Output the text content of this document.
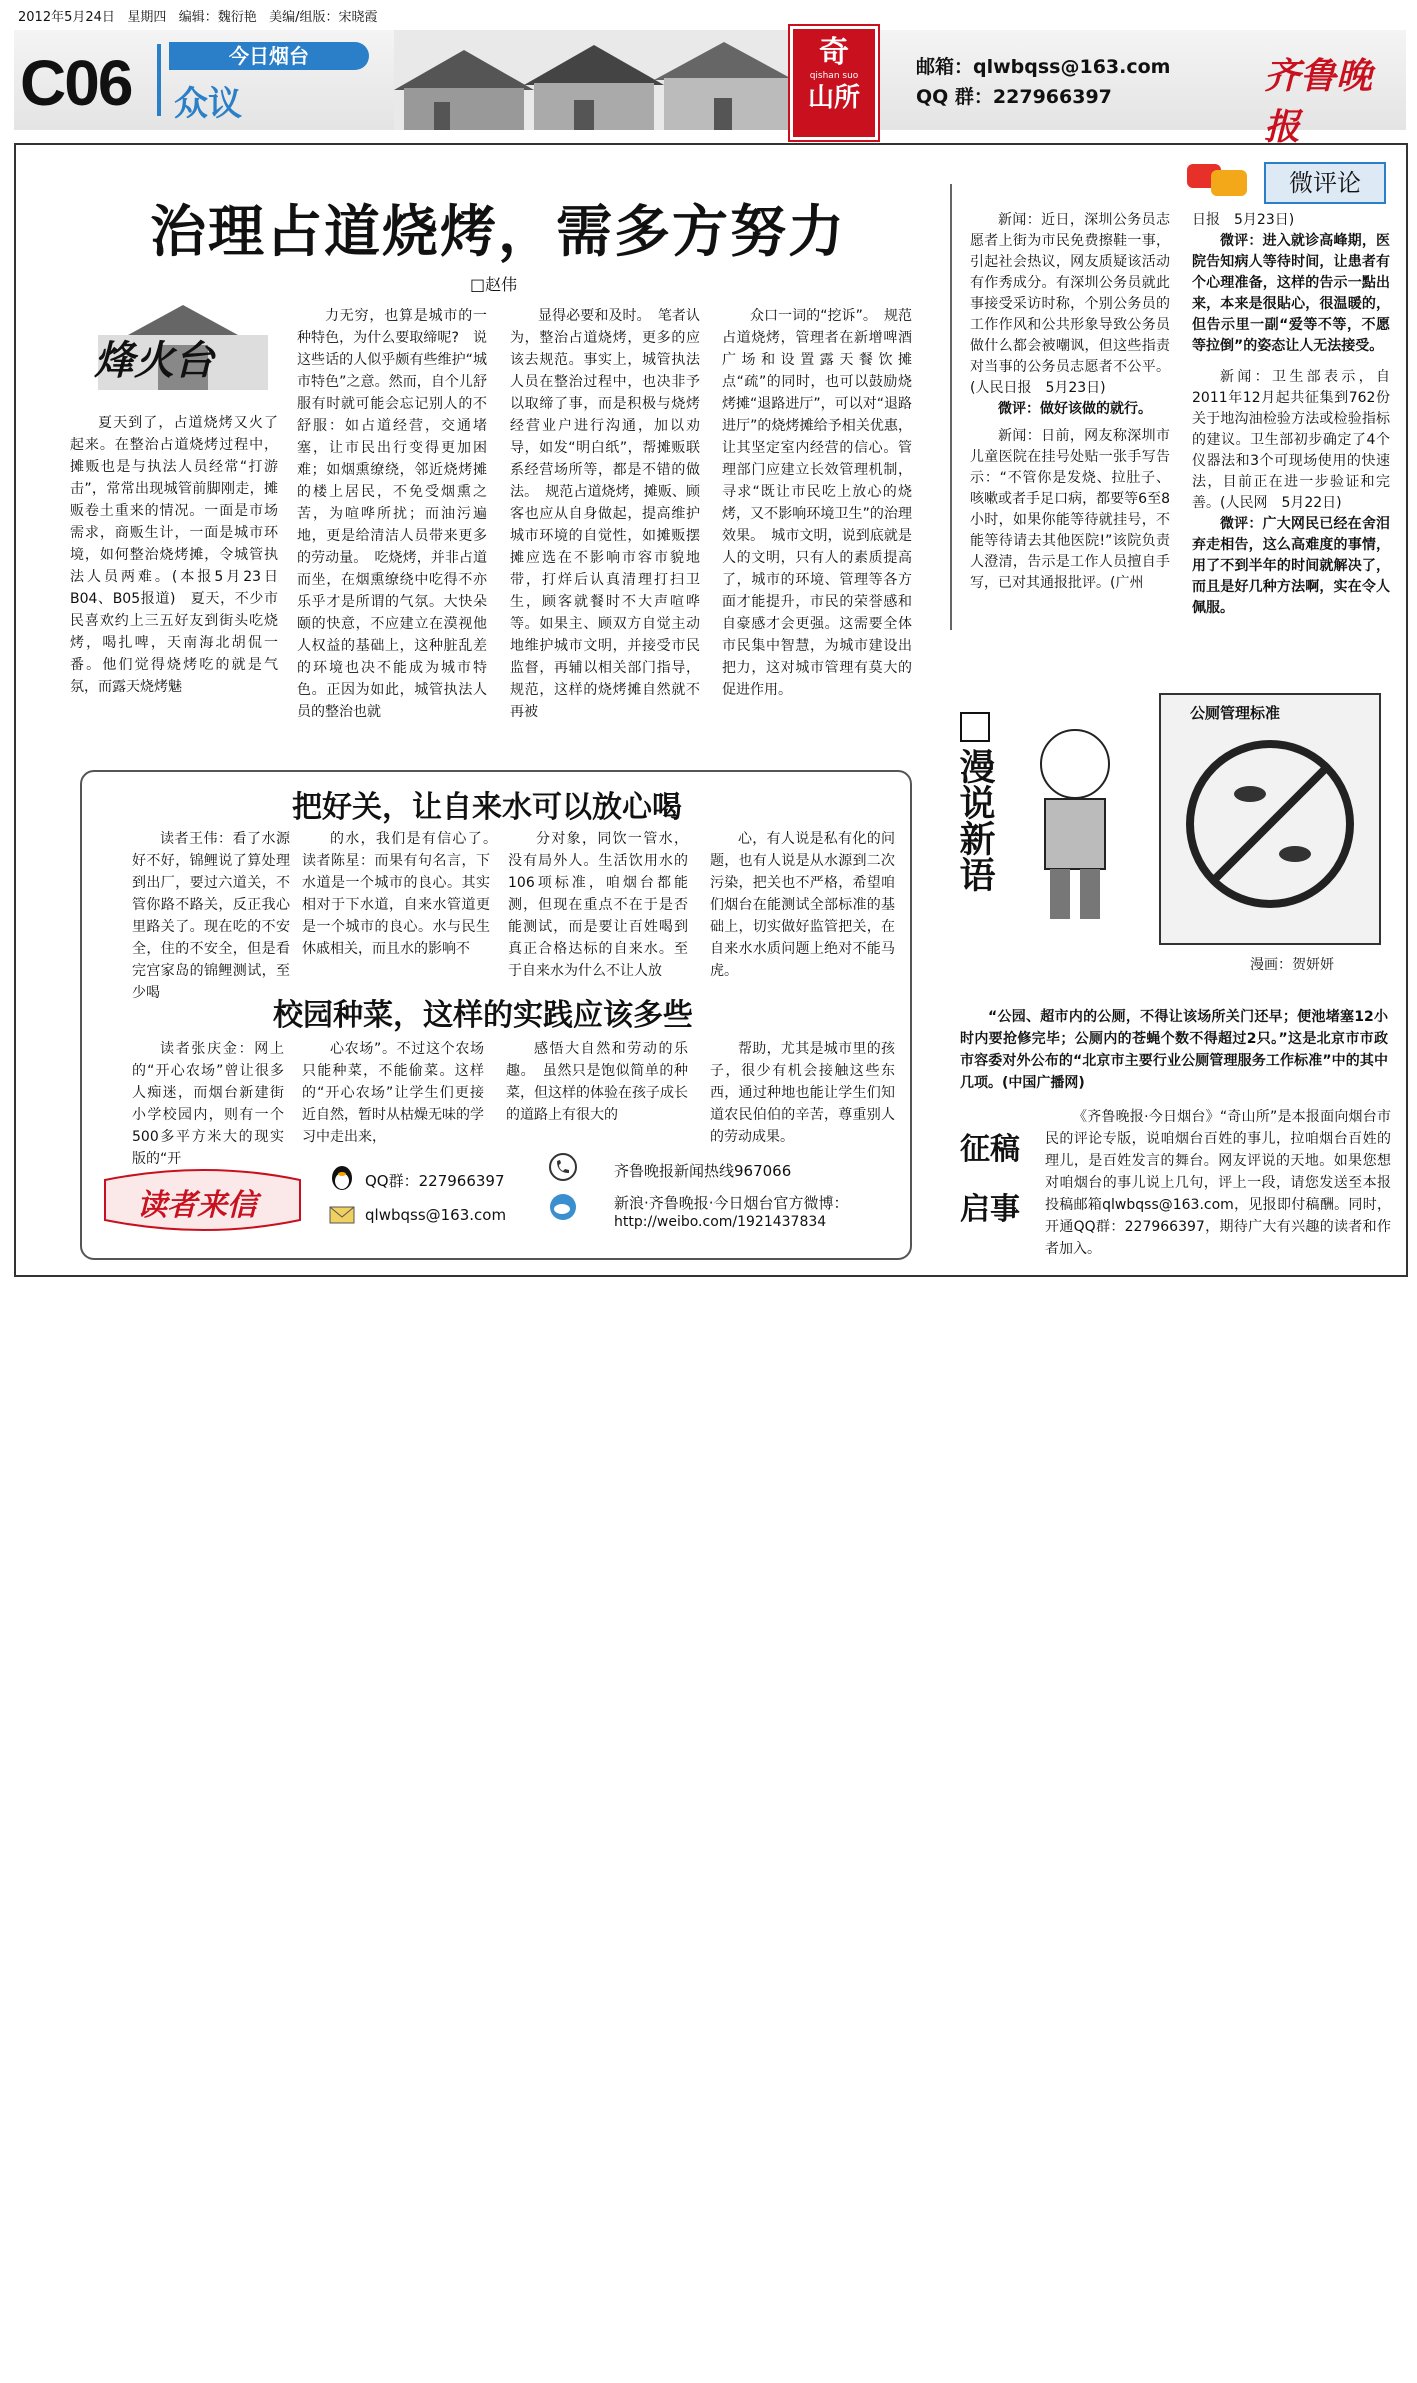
2012年5月24日 星期四 编辑：魏衍艳 美编/组版：宋晓霞
C06	今日烟台
众议
奇
qishan suo
山所
邮箱：qlwbqss@163.com
QQ 群：227966397	齐鲁晚报
治理占道烧烤，需多方努力
□赵伟
烽火台

夏天到了，占道烧烤又火了起来。在整治占道烧烤过程中，摊贩也是与执法人员经常“打游击”，常常出现城管前脚刚走，摊贩卷土重来的情况。一面是市场需求，商贩生计，一面是城市环境，如何整治烧烤摊，令城管执法人员两难。(本报5月23日B04、B05报道)　夏天，不少市民喜欢约上三五好友到街头吃烧烤，喝扎啤，天南海北胡侃一番。他们觉得烧烤吃的就是气氛，而露天烧烤魅

力无穷，也算是城市的一种特色，为什么要取缔呢?　说这些话的人似乎颇有些维护“城市特色”之意。然而，自个儿舒服有时就可能会忘记别人的不舒服：如占道经营，交通堵塞，让市民出行变得更加困难；如烟熏缭绕，邻近烧烤摊的楼上居民，不免受烟熏之苦，为喧哗所扰；而油污遍地，更是给清洁人员带来更多的劳动量。　吃烧烤，并非占道而坐，在烟熏缭绕中吃得不亦乐乎才是所谓的气氛。大快朵颐的快意，不应建立在漠视他人权益的基础上，这种脏乱差的环境也决不能成为城市特色。正因为如此，城管执法人员的整治也就

显得必要和及时。　笔者认为，整治占道烧烤，更多的应该去规范。事实上，城管执法人员在整治过程中，也决非予以取缔了事，而是积极与烧烤经营业户进行沟通，加以劝导，如发“明白纸”，帮摊贩联系经营场所等，都是不错的做法。　规范占道烧烤，摊贩、顾客也应从自身做起，提高维护城市环境的自觉性，如摊贩摆摊应选在不影响市容市貌地带，打烊后认真清理打扫卫生，顾客就餐时不大声喧哗等。如果主、顾双方自觉主动地维护城市文明，并接受市民监督，再辅以相关部门指导，规范，这样的烧烤摊自然就不再被

众口一词的“挖诉”。　规范占道烧烤，管理者在新增啤酒广场和设置露天餐饮摊点“疏”的同时，也可以鼓励烧烤摊“退路进厅”，可以对“退路进厅”的烧烤摊给予相关优惠，让其坚定室内经营的信心。管理部门应建立长效管理机制，寻求“既让市民吃上放心的烧烤，又不影响环境卫生”的治理效果。　城市文明，说到底就是人的文明，只有人的素质提高了，城市的环境、管理等各方面才能提升，市民的荣誉感和自豪感才会更强。这需要全体市民集中智慧，为城市建设出把力，这对城市管理有莫大的促进作用。

把好关，让自来水可以放心喝

读者王伟：看了水源好不好，锦鲤说了算处理到出厂，要过六道关，不管你路不路关，反正我心里路关了。现在吃的不安全，住的不安全，但是看完宫家岛的锦鲤测试，至少喝

的水，我们是有信心了。　读者陈星：而果有句名言，下水道是一个城市的良心。其实相对于下水道，自来水管道更是一个城市的良心。水与民生休戚相关，而且水的影响不

分对象，同饮一管水，没有局外人。生活饮用水的106项标准，咱烟台都能测，但现在重点不在于是否能测试，而是要让百姓喝到真正合格达标的自来水。至于自来水为什么不让人放

心，有人说是私有化的问题，也有人说是从水源到二次污染，把关也不严格，希望咱们烟台在能测试全部标准的基础上，切实做好监管把关，在自来水水质问题上绝对不能马虎。

校园种菜，这样的实践应该多些

读者张庆金：网上的“开心农场”曾让很多人痴迷，而烟台新建街小学校园内，则有一个500多平方米大的现实版的“开

心农场”。不过这个农场只能种菜，不能偷菜。这样的“开心农场”让学生们更接近自然，暂时从枯燥无味的学习中走出来，

感悟大自然和劳动的乐趣。　虽然只是饱似简单的种菜，但这样的体验在孩子成长的道路上有很大的

帮助，尤其是城市里的孩子，很少有机会接触这些东西，通过种地也能让学生们知道农民伯伯的辛苦，尊重别人的劳动成果。

读者来信
QQ群：227966397
qlwbqss@163.com
齐鲁晚报新闻热线967066
新浪·齐鲁晚报·今日烟台官方微博：
http://weibo.com/1921437834
微评论

新闻：近日，深圳公务员志愿者上街为市民免费擦鞋一事，引起社会热议，网友质疑该活动有作秀成分。有深圳公务员就此事接受采访时称，个别公务员的工作作风和公共形象导致公务员做什么都会被嘲讽，但这些指责对当事的公务员志愿者不公平。(人民日报　5月23日)

微评：做好该做的就行。

新闻：日前，网友称深圳市儿童医院在挂号处贴一张手写告示：“不管你是发烧、拉肚子、咳嗽或者手足口病，都要等6至8小时，如果你能等待就挂号，不能等待请去其他医院!”该院负责人澄清，告示是工作人员擅自手写，已对其通报批评。(广州

日报　5月23日)

微评：进入就诊高峰期，医院告知病人等待时间，让患者有个心理准备，这样的告示一點出来，本来是很貼心，很温暖的，但告示里一副“爱等不等，不愿等拉倒”的姿态让人无法接受。

新闻：卫生部表示，自2011年12月起共征集到762份关于地沟油检验方法或检验指标的建议。卫生部初步确定了4个仪器法和3个可现场使用的快速法，目前正在进一步验证和完善。(人民网　5月22日)

微评：广大网民已经在舍泪弃走相告，这么高难度的事情，用了不到半年的时间就解决了，而且是好几种方法啊，实在令人佩服。

漫说新语
公厕管理标准
漫画：贺妍妍

“公园、超市内的公厕，不得让该场所关门还早；便池堵塞12小时内要抢修完毕；公厕内的苍蝇个数不得超过2只。”这是北京市市政市容委对外公布的“北京市主要行业公厕管理服务工作标准”中的其中几项。(中国广播网)

征稿
启事

《齐鲁晚报·今日烟台》“奇山所”是本报面向烟台市民的评论专版，说咱烟台百姓的事儿，拉咱烟台百姓的理儿，是百姓发言的舞台。网友评说的天地。如果您想对咱烟台的事儿说上几句，评上一段，请您发送至本报投稿邮箱qlwbqss@163.com，见报即付稿酬。同时，开通QQ群：227966397，期待广大有兴趣的读者和作者加入。
